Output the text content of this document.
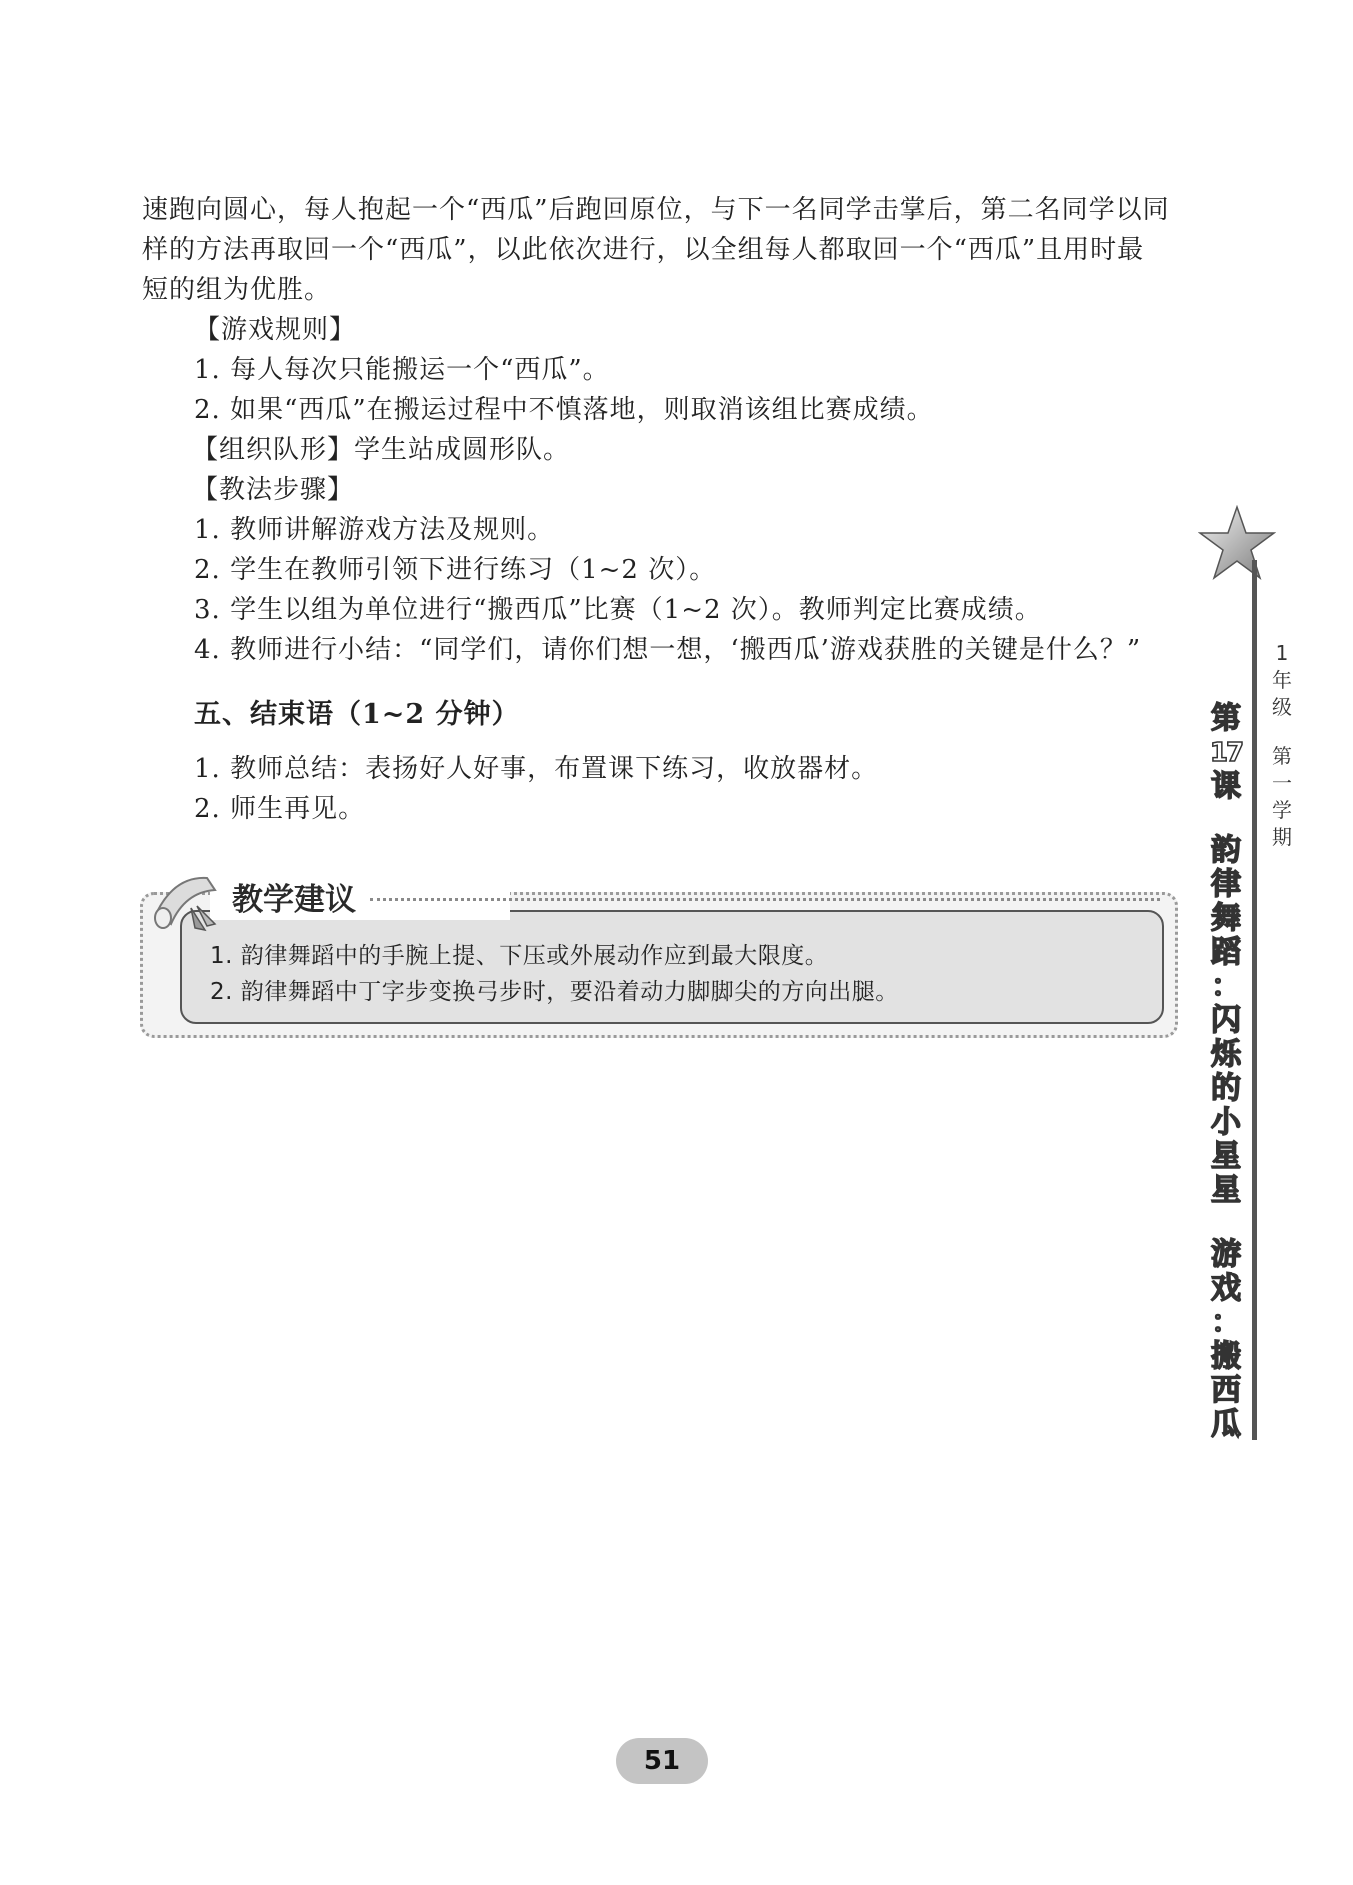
速跑向圆心，每人抱起一个“西瓜”后跑回原位，与下一名同学击掌后，第二名同学以同

样的方法再取回一个“西瓜”，以此依次进行，以全组每人都取回一个“西瓜”且用时最

短的组为优胜。

【游戏规则】

1. 每人每次只能搬运一个“西瓜”。

2. 如果“西瓜”在搬运过程中不慎落地，则取消该组比赛成绩。

【组织队形】学生站成圆形队。

【教法步骤】

1. 教师讲解游戏方法及规则。

2. 学生在教师引领下进行练习（1~2 次）。

3. 学生以组为单位进行“搬西瓜”比赛（1~2 次）。教师判定比赛成绩。

4. 教师进行小结：“同学们，请你们想一想，‘搬西瓜’游戏获胜的关键是什么？”

五、结束语（1~2 分钟）

1. 教师总结：表扬好人好事，布置课下练习，收放器材。

2. 师生再见。

教学建议

1. 韵律舞蹈中的手腕上提、下压或外展动作应到最大限度。

2. 韵律舞蹈中丁字步变换弓步时，要沿着动力脚脚尖的方向出腿。

1
年
级
第
一
学
期
第
17
课
韵
律
舞
蹈
：
闪
烁
的
小
星
星
游
戏
：
搬
西
瓜
51
